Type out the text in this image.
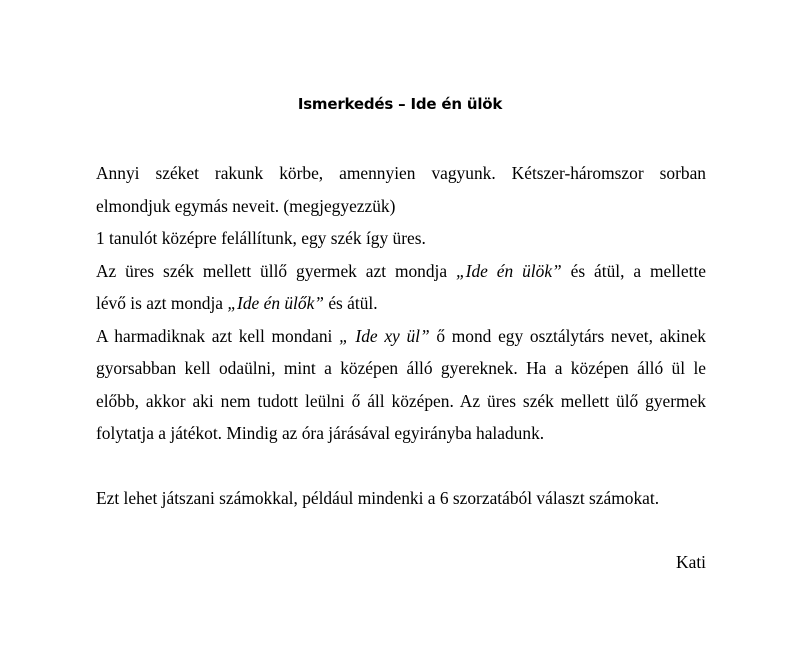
Ismerkedés – Ide én ülök
Annyi széket rakunk körbe, amennyien vagyunk. Kétszer-háromszor sorban
elmondjuk egymás neveit. (megjegyezzük)
1 tanulót középre felállítunk, egy szék így üres.
Az üres szék mellett üllő gyermek azt mondja „Ide én ülök” és átül, a mellette
lévő is azt mondja „Ide én ülők” és átül.
A harmadiknak azt kell mondani „ Ide xy ül” ő mond egy osztálytárs nevet, akinek
gyorsabban kell odaülni, mint a középen álló gyereknek. Ha a középen álló ül le
előbb, akkor aki nem tudott leülni ő áll középen. Az üres szék mellett ülő gyermek
folytatja a játékot. Mindig az óra járásával egyirányba haladunk.
Ezt lehet játszani számokkal, például mindenki a 6 szorzatából választ számokat.
Kati
